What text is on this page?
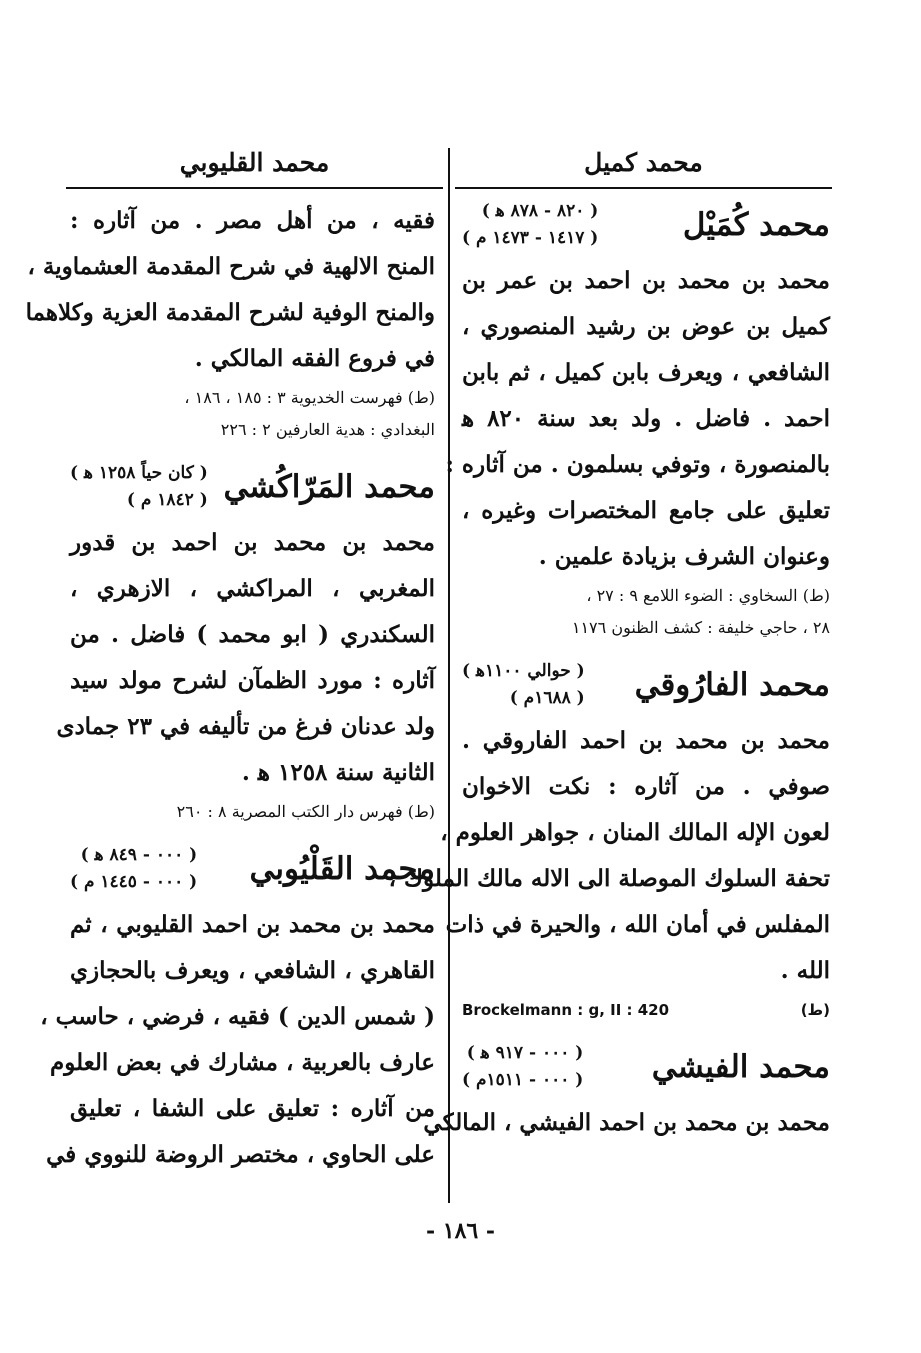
محمد كميل
محمد القليوبي
محمد كُمَيْل
( ٨٢٠ - ٨٧٨ ﻫ )
( ١٤١٧ - ١٤٧٣ م )
محمد بن محمد بن احمد بن عمر بن
كميل بن عوض بن رشيد المنصوري ،
الشافعي ، ويعرف بابن كميل ، ثم بابن
احمد . فاضل . ولد بعد سنة ٨٢٠ ﻫ
بالمنصورة ، وتوفي بسلمون . من آثاره :
تعليق على جامع المختصرات وغيره ،
وعنوان الشرف بزيادة علمين .
(ط) السخاوي : الضوء اللامع ٩ : ٢٧ ،
٢٨ ، حاجي خليفة : كشف الظنون ١١٧٦
محمد الفارُوقي
( حوالي ١١٠٠ﻫ )
( ١٦٨٨م )
محمد بن محمد بن احمد الفاروقي .
صوفي . من آثاره : نكت الاخوان
لعون الإله المالك المنان ، جواهر العلوم ،
تحفة السلوك الموصلة الى الاله مالك الملوك ،
المفلس في أمان الله ، والحيرة في ذات
الله .
Brockelmann : g, II : 420	(ط)
محمد الفيشي
( ٠٠٠ - ٩١٧ ﻫ )
( ٠٠٠ - ١٥١١م )
محمد بن محمد بن احمد الفيشي ، المالكي
فقيه ، من أهل مصر . من آثاره :
المنح الالهية في شرح المقدمة العشماوية ،
والمنح الوفية لشرح المقدمة العزية وكلاهما
في فروع الفقه المالكي .
(ط) فهرست الخديوية ٣ : ١٨٥ ، ١٨٦ ،
البغدادي : هدية العارفين ٢ : ٢٢٦
محمد المَرّاكُشي
( كان حياً ١٢٥٨ ﻫ )
( ١٨٤٢ م )
محمد بن محمد بن احمد بن قدور
المغربي ، المراكشي ، الازهري ،
السكندري ( ابو محمد ) فاضل . من
آثاره : مورد الظمآن لشرح مولد سيد
ولد عدنان فرغ من تأليفه في ٢٣ جمادى
الثانية سنة ١٢٥٨ ﻫ .
(ط) فهرس دار الكتب المصرية ٨ : ٢٦٠
محمد القَلْيُوبي
( ٠٠٠ - ٨٤٩ ﻫ )
( ٠٠٠ - ١٤٤٥ م )
محمد بن محمد بن احمد القليوبي ، ثم
القاهري ، الشافعي ، ويعرف بالحجازي
( شمس الدين ) فقيه ، فرضي ، حاسب ،
عارف بالعربية ، مشارك في بعض العلوم
من آثاره : تعليق على الشفا ، تعليق
على الحاوي ، مختصر الروضة للنووي في
- ١٨٦ -
